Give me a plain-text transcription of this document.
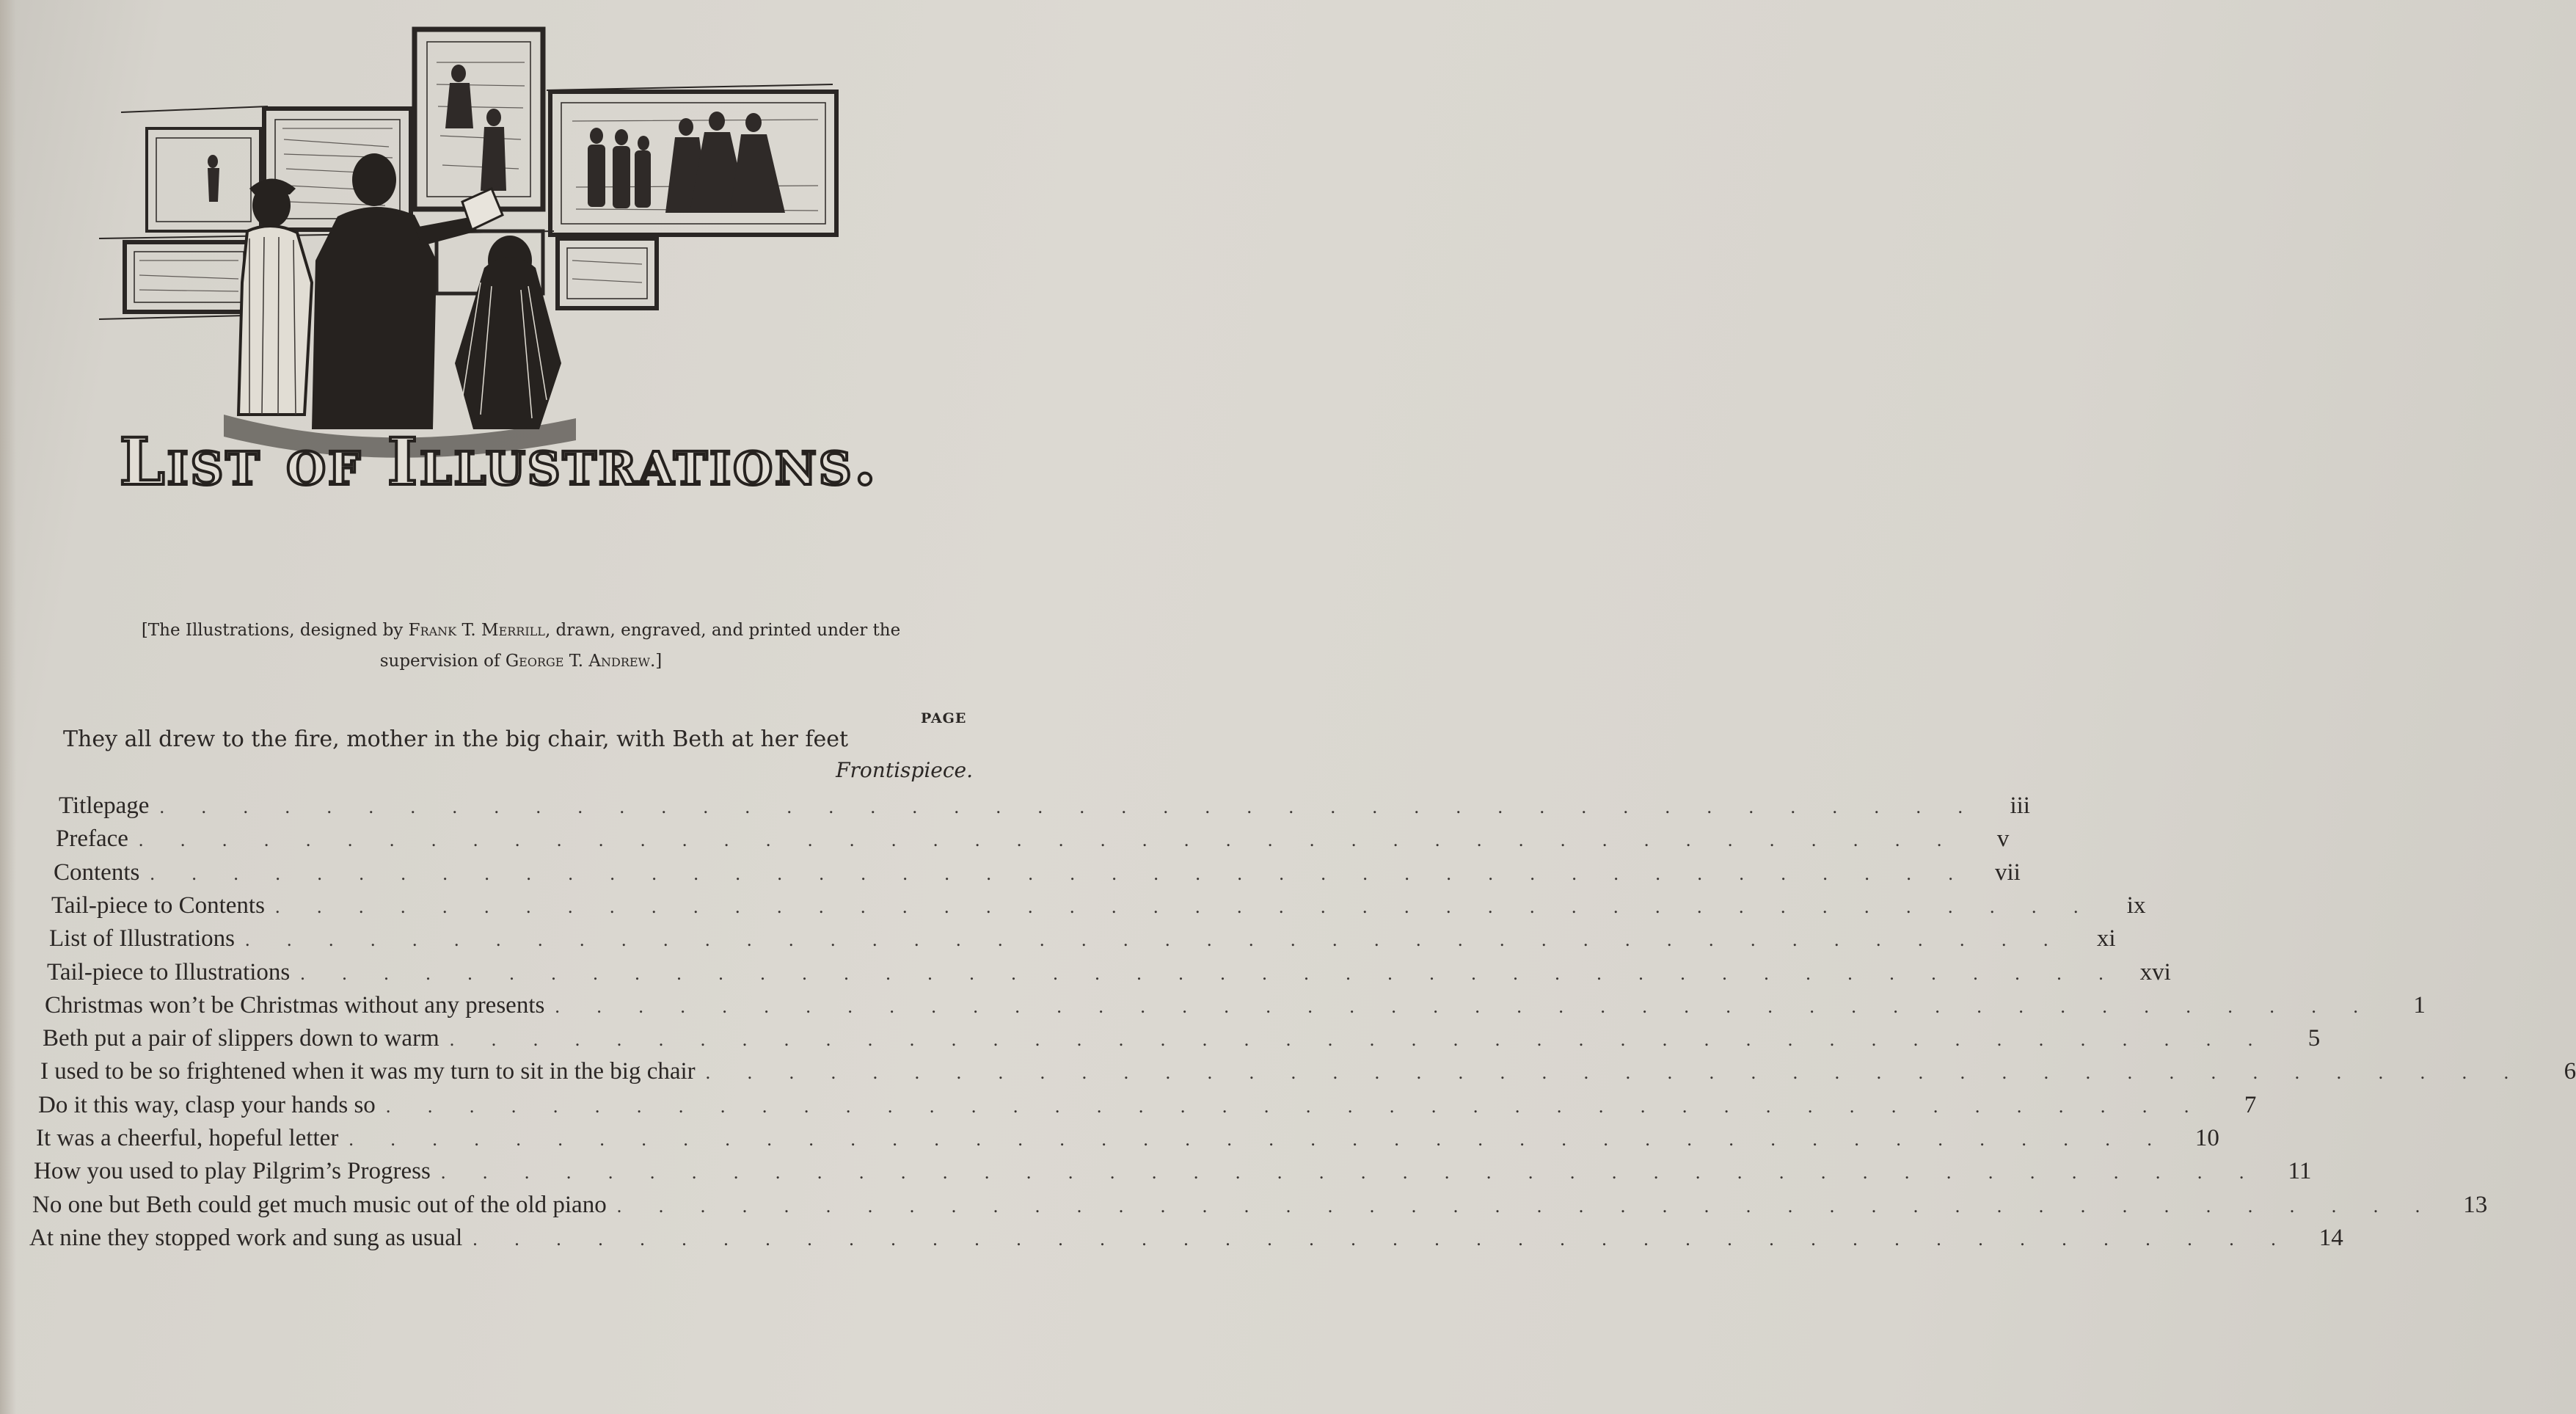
List of Illustrations.
[The Illustrations, designed by Frank T. Merrill, drawn, engraved, and printed under the supervision of George T. Andrew.]
PAGE
They all drew to the fire, mother in the big chair, with Beth at her feet
Frontispiece.
Titlepage . . . . . . . . . . . . . . . . . . . . . . . . . . . . . . . . . . . . . . . . . . . .	iii
Preface . . . . . . . . . . . . . . . . . . . . . . . . . . . . . . . . . . . . . . . . . . . .	v
Contents . . . . . . . . . . . . . . . . . . . . . . . . . . . . . . . . . . . . . . . . . . . .	vii
Tail-piece to Contents . . . . . . . . . . . . . . . . . . . . . . . . . . . . . . . . . . . . . . . . . . . .	ix
List of Illustrations . . . . . . . . . . . . . . . . . . . . . . . . . . . . . . . . . . . . . . . . . . . .	xi
Tail-piece to Illustrations . . . . . . . . . . . . . . . . . . . . . . . . . . . . . . . . . . . . . . . . . . . . xvi
Christmas won’t be Christmas without any presents . . . . . . . . . . . . . . . . . . . . . . . . . . . . . . . . . . . . . . . . . . . .	1
Beth put a pair of slippers down to warm . . . . . . . . . . . . . . . . . . . . . . . . . . . . . . . . . . . . . . . . . . . .	5
I used to be so frightened when it was my turn to sit in the big chair . . . . . . . . . . . . . . . . . . . . . . . . . . . . . . . . . . . . . . . . . . . .	6
Do it this way, clasp your hands so . . . . . . . . . . . . . . . . . . . . . . . . . . . . . . . . . . . . . . . . . . . .	7
It was a cheerful, hopeful letter . . . . . . . . . . . . . . . . . . . . . . . . . . . . . . . . . . . . . . . . . . . .	10
How you used to play Pilgrim’s Progress . . . . . . . . . . . . . . . . . . . . . . . . . . . . . . . . . . . . . . . . . . . .	11
No one but Beth could get much music out of the old piano . . . . . . . . . . . . . . . . . . . . . . . . . . . . . . . . . . . . . . . . . . . .	13
At nine they stopped work and sung as usual . . . . . . . . . . . . . . . . . . . . . . . . . . . . . . . . . . . . . . . . . . . .	14
